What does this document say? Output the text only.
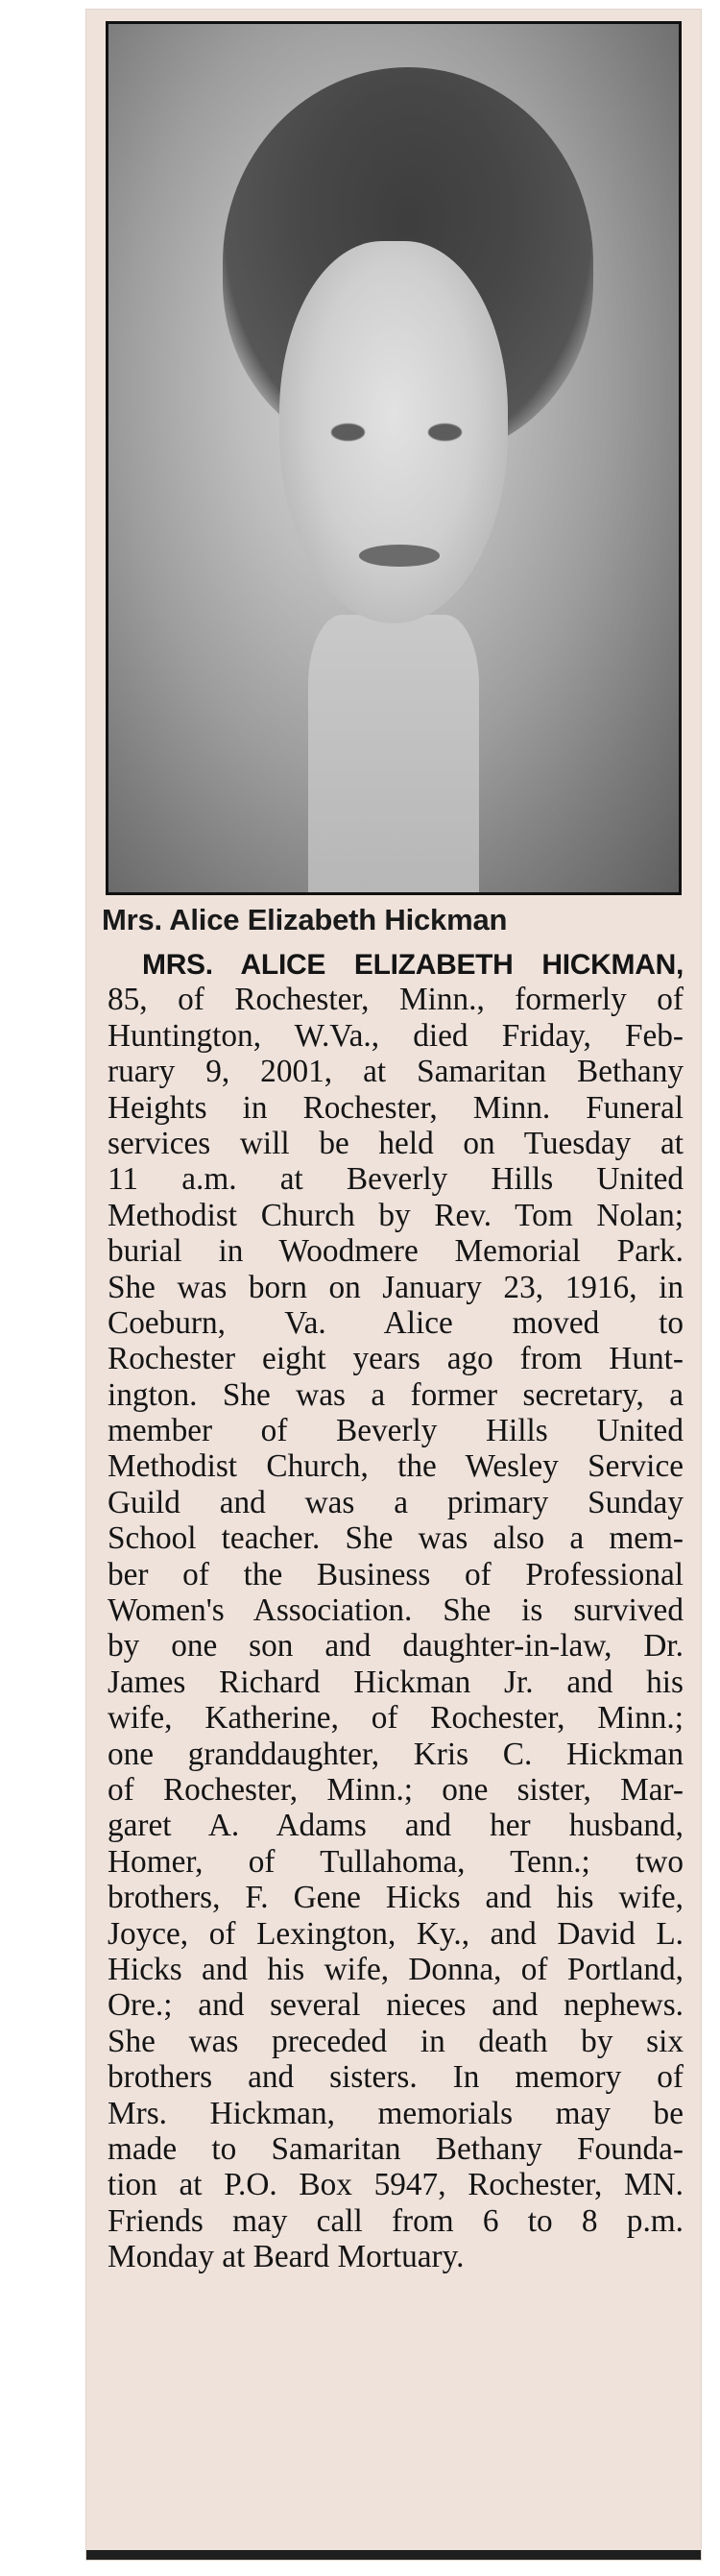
Mrs. Alice Elizabeth Hickman
MRS. ALICE ELIZABETH HICKMAN,
85, of Rochester, Minn., formerly of
Huntington, W.Va., died Friday, Feb-
ruary 9, 2001, at Samaritan Bethany
Heights in Rochester, Minn. Funeral
services will be held on Tuesday at
11 a.m. at Beverly Hills United
Methodist Church by Rev. Tom Nolan;
burial in Woodmere Memorial Park.
She was born on January 23, 1916, in
Coeburn, Va. Alice moved to
Rochester eight years ago from Hunt-
ington. She was a former secretary, a
member of Beverly Hills United
Methodist Church, the Wesley Service
Guild and was a primary Sunday
School teacher. She was also a mem-
ber of the Business of Professional
Women's Association. She is survived
by one son and daughter-in-law, Dr.
James Richard Hickman Jr. and his
wife, Katherine, of Rochester, Minn.;
one granddaughter, Kris C. Hickman
of Rochester, Minn.; one sister, Mar-
garet A. Adams and her husband,
Homer, of Tullahoma, Tenn.; two
brothers, F. Gene Hicks and his wife,
Joyce, of Lexington, Ky., and David L.
Hicks and his wife, Donna, of Portland,
Ore.; and several nieces and nephews.
She was preceded in death by six
brothers and sisters. In memory of
Mrs. Hickman, memorials may be
made to Samaritan Bethany Founda-
tion at P.O. Box 5947, Rochester, MN.
Friends may call from 6 to 8 p.m.
Monday at Beard Mortuary.
